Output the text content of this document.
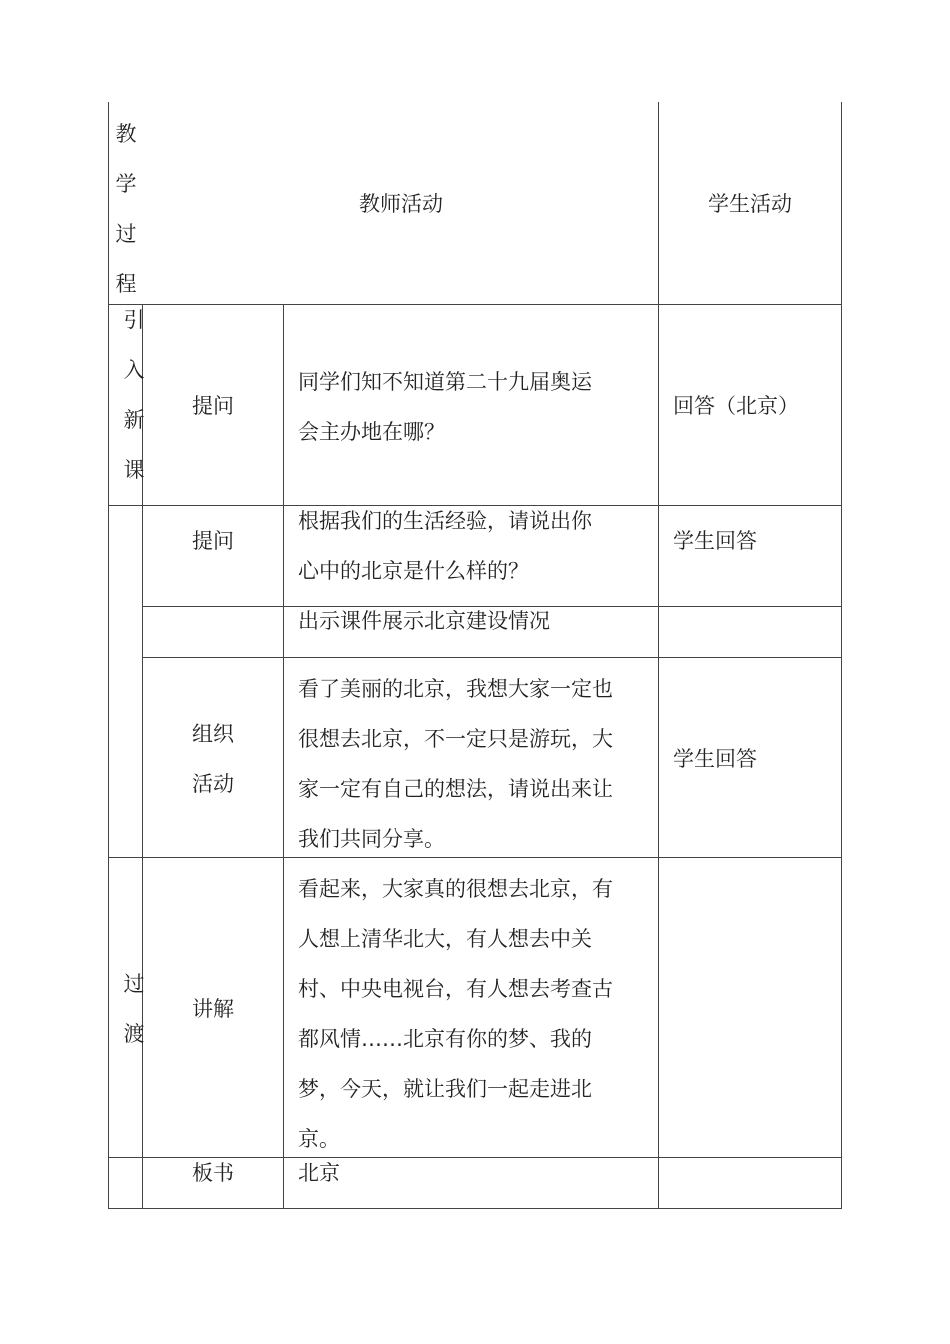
教
学
过
程
教师活动	学生活动
引
入
新
课
提问
同学们知不知道第二十九届奥运
会主办地在哪？
回答（北京）
提问
根据我们的生活经验，请说出你
心中的北京是什么样的？
学生回答
出示课件展示北京建设情况
组织
活动
看了美丽的北京，我想大家一定也
很想去北京，不一定只是游玩，大
家一定有自己的想法，请说出来让
我们共同分享。
学生回答
过
渡
讲解
看起来，大家真的很想去北京，有
人想上清华北大，有人想去中关
村、中央电视台，有人想去考查古
都风情……北京有你的梦、我的
梦，今天，就让我们一起走进北
京。
板书	北京
